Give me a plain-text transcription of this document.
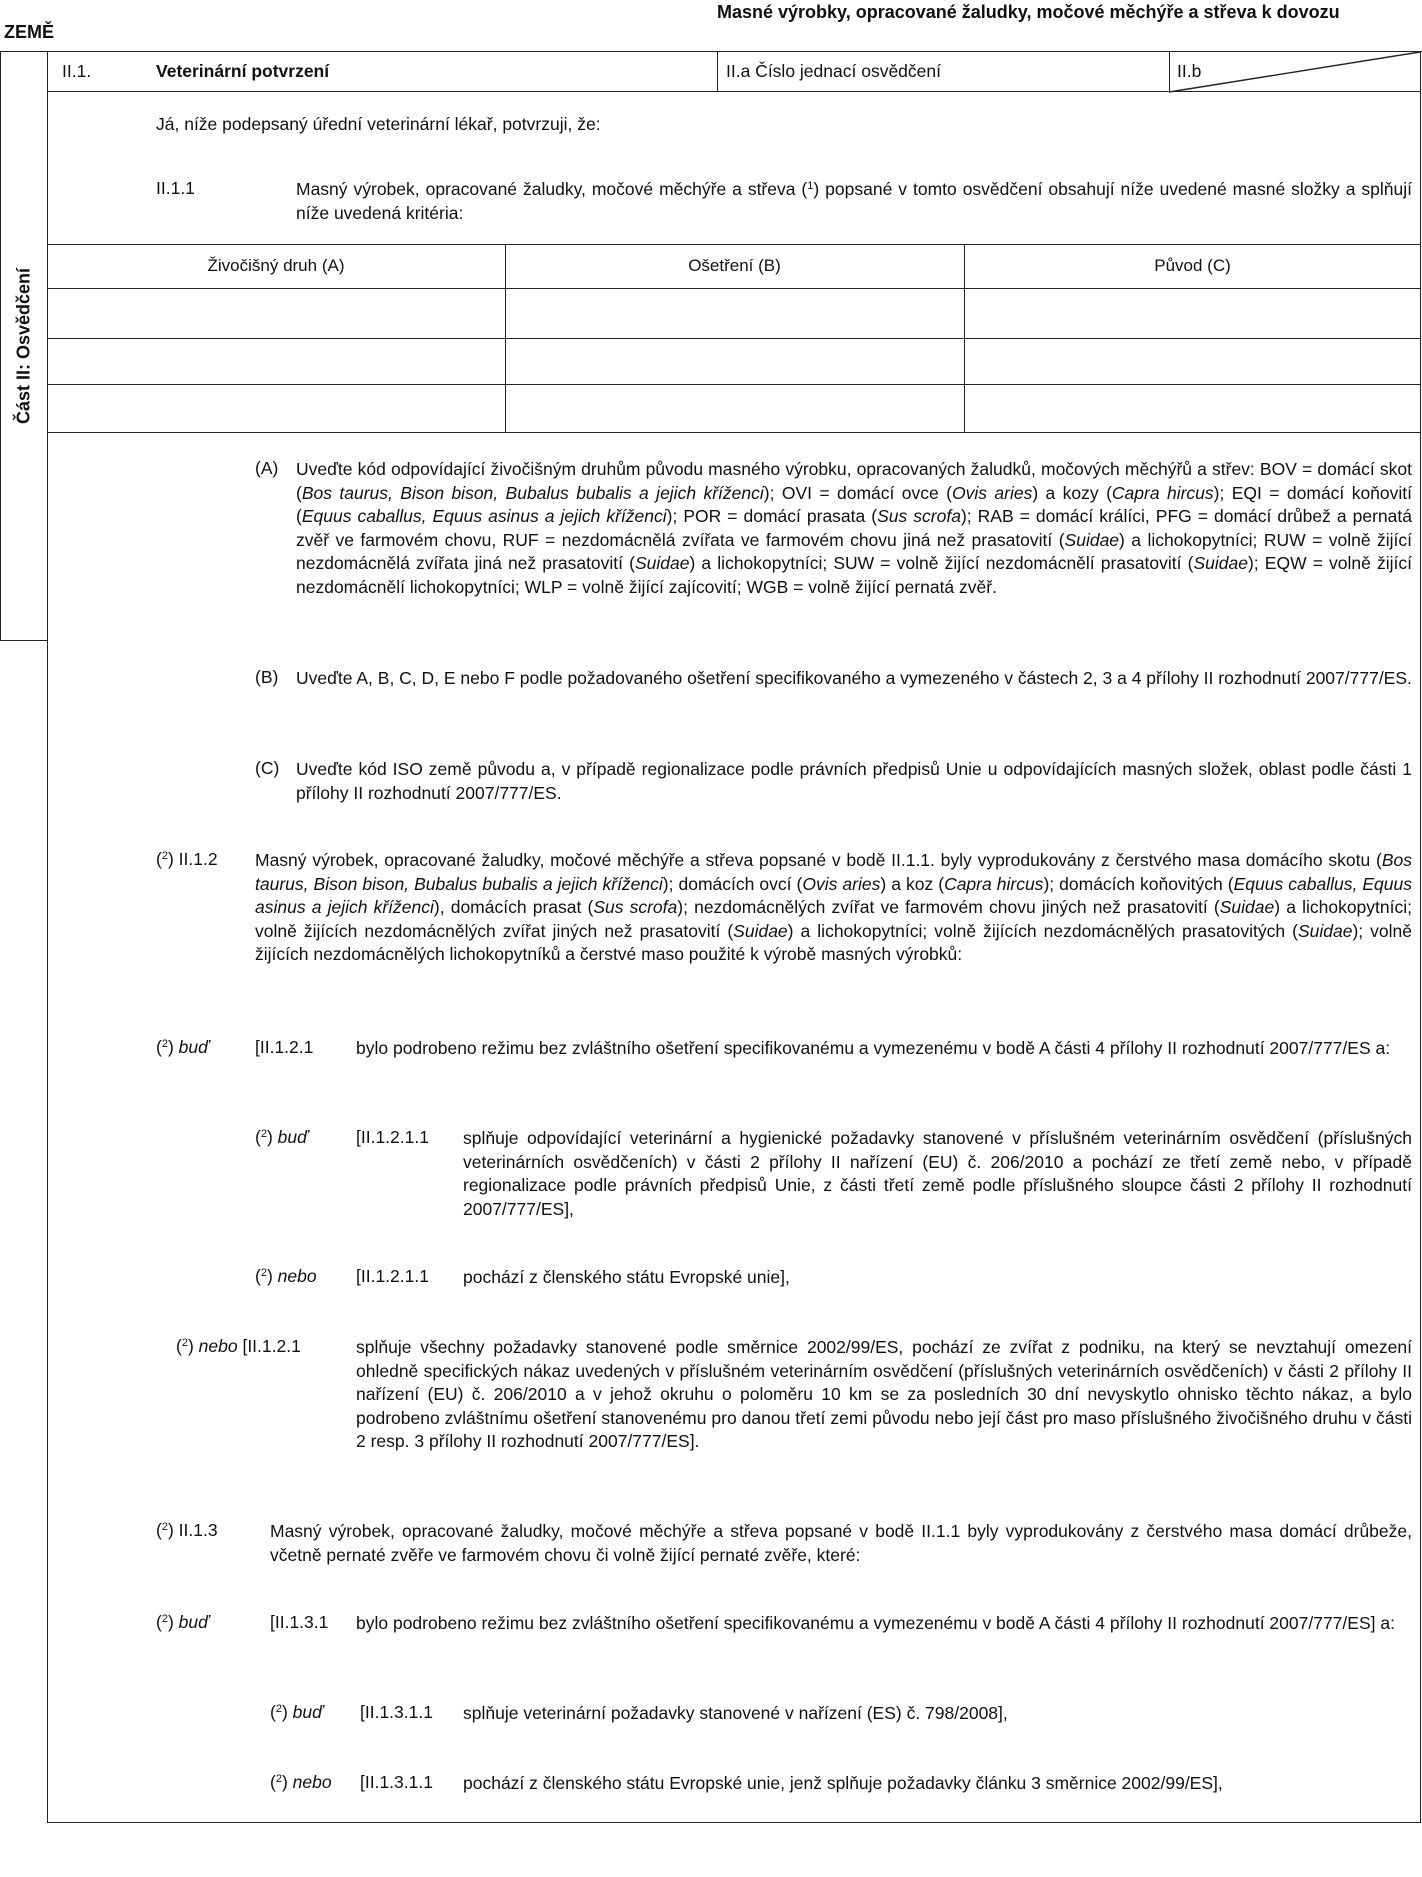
ZEMĚ
Masné výrobky, opracované žaludky, močové měchýře a střeva k dovozu
Část II: Osvědčení
II.1.	Veterinární potvrzení	II.a Číslo jednací osvědčení	II.b
Já, níže podepsaný úřední veterinární lékař, potvrzuji, že:
II.1.1	Masný výrobek, opracované žaludky, močové měchýře a střeva ($^1$) popsané v tomto osvědčení obsahují níže uvedené masné složky a splňují níže uvedená kritéria:
Živočišný druh (A)	Ošetření (B)	Původ (C)
(A) Uveďte kód odpovídající živočišným druhům původu masného výrobku, opracovaných žaludků, močových měchýřů a střev: BOV = domácí skot (Bos taurus, Bison bison, Bubalus bubalis a jejich kříženci); OVI = domácí ovce (Ovis aries) a kozy (Capra hircus); EQI = domácí koňovití (Equus caballus, Equus asinus a jejich kříženci); POR = domácí prasata (Sus scrofa); RAB = domácí králíci, PFG = domácí drůbež a pernatá zvěř ve farmovém chovu, RUF = nezdomácnělá zvířata ve farmovém chovu jiná než prasatovití (Suidae) a lichokopytníci; RUW = volně žijící nezdomácnělá zvířata jiná než prasatovití (Suidae) a lichokopytníci; SUW = volně žijící nezdomácnělí prasatovití (Suidae); EQW = volně žijící nezdomácnělí lichokopytníci; WLP = volně žijící zajícovití; WGB = volně žijící pernatá zvěř.
(B) Uveďte A, B, C, D, E nebo F podle požadovaného ošetření specifikovaného a vymezeného v částech 2, 3 a 4 přílohy II rozhodnutí 2007/777/ES.
(C) Uveďte kód ISO země původu a, v případě regionalizace podle právních předpisů Unie u odpovídajících masných složek, oblast podle části 1 přílohy II rozhodnutí 2007/777/ES.
($^2$) II.1.2 Masný výrobek, opracované žaludky, močové měchýře a střeva popsané v bodě II.1.1. byly vyprodukovány z čerstvého masa domácího skotu (Bos taurus, Bison bison, Bubalus bubalis a jejich kříženci); domácích ovcí (Ovis aries) a koz (Capra hircus); domácích koňovitých (Equus caballus, Equus asinus a jejich kříženci), domácích prasat (Sus scrofa); nezdomácnělých zvířat ve farmovém chovu jiných než prasatovití (Suidae) a lichokopytníci; volně žijících nezdomácnělých zvířat jiných než prasatovití (Suidae) a lichokopytníci; volně žijících nezdomácnělých prasatovitých (Suidae); volně žijících nezdomácnělých lichokopytníků a čerstvé maso použité k výrobě masných výrobků:
($^2$) buď	[II.1.2.1 bylo podrobeno režimu bez zvláštního ošetření specifikovanému a vymezenému v bodě A části 4 přílohy II rozhodnutí 2007/777/ES a:
($^2$) buď	[II.1.2.1.1 splňuje odpovídající veterinární a hygienické požadavky stanovené v příslušném veterinárním osvědčení (příslušných veterinárních osvědčeních) v části 2 přílohy II nařízení (EU) č. 206/2010 a pochází ze třetí země nebo, v případě regionalizace podle právních předpisů Unie, z části třetí země podle příslušného sloupce části 2 přílohy II rozhodnutí 2007/777/ES],
($^2$) nebo [II.1.2.1.1 pochází z členského státu Evropské unie],
($^2$) nebo [II.1.2.1	splňuje všechny požadavky stanovené podle směrnice 2002/99/ES, pochází ze zvířat z podniku, na který se nevztahují omezení ohledně specifických nákaz uvedených v příslušném veterinárním osvědčení (příslušných veterinárních osvědčeních) v části 2 přílohy II nařízení (EU) č. 206/2010 a v jehož okruhu o poloměru 10 km se za posledních 30 dní nevyskytlo ohnisko těchto nákaz, a bylo podrobeno zvláštnímu ošetření stanovenému pro danou třetí zemi původu nebo její část pro maso příslušného živočišného druhu v části 2 resp. 3 přílohy II rozhodnutí 2007/777/ES].
($^2$) II.1.3	Masný výrobek, opracované žaludky, močové měchýře a střeva popsané v bodě II.1.1 byly vyprodukovány z čerstvého masa domácí drůbeže, včetně pernaté zvěře ve farmovém chovu či volně žijící pernaté zvěře, které:
($^2$) buď	[II.1.3.1 bylo podrobeno režimu bez zvláštního ošetření specifikovanému a vymezenému v bodě A části 4 přílohy II rozhodnutí 2007/777/ES] a:
($^2$) buď [II.1.3.1.1 splňuje veterinární požadavky stanovené v nařízení (ES) č. 798/2008],
($^2$) nebo [II.1.3.1.1 pochází z členského státu Evropské unie, jenž splňuje požadavky článku 3 směrnice 2002/99/ES],
